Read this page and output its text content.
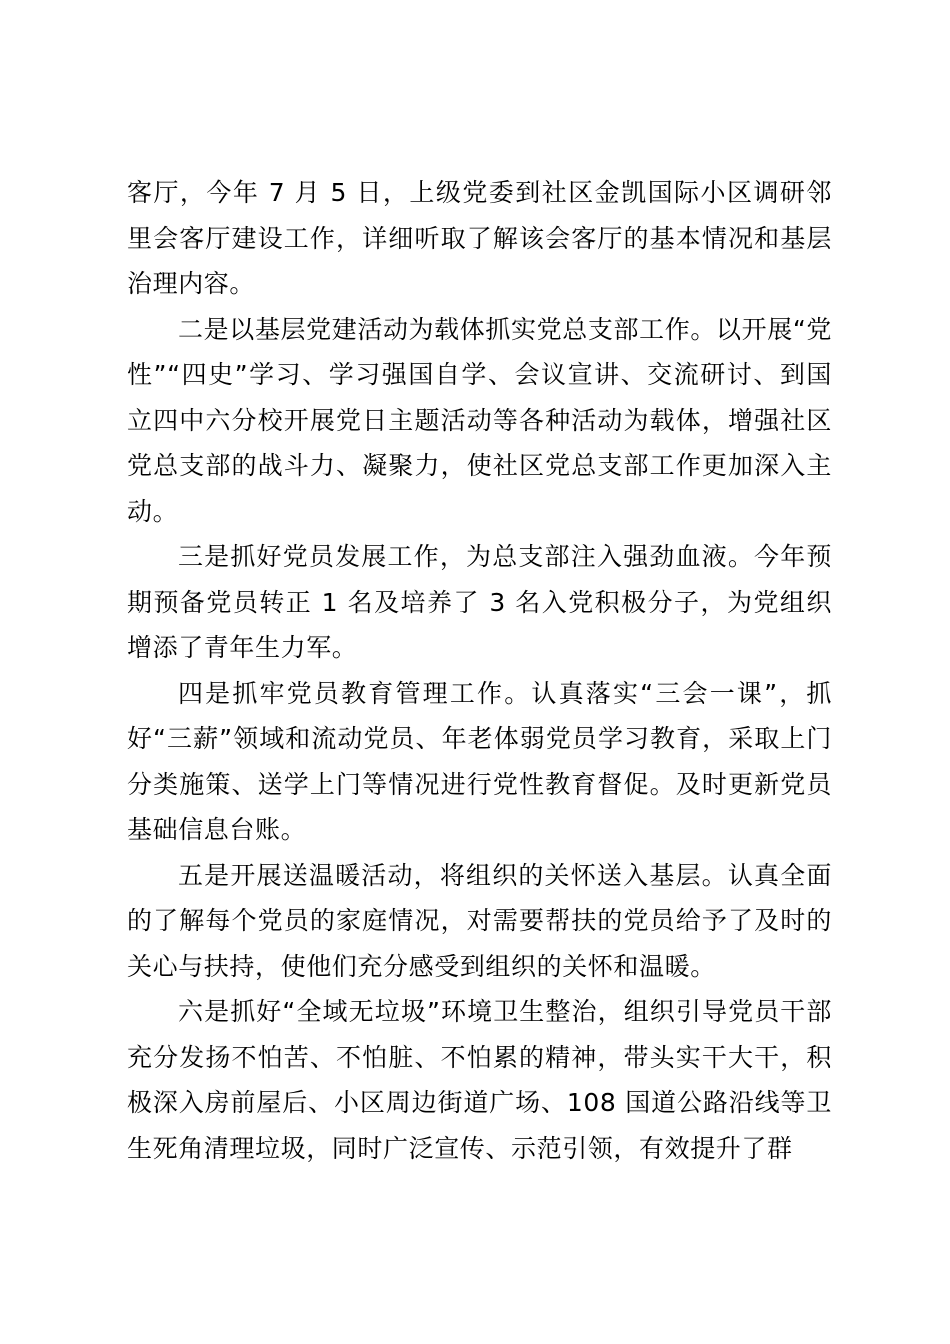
客厅，今年 7 月 5 日，上级党委到社区金凯国际小区调研邻里会客厅建设工作，详细听取了解该会客厅的基本情况和基层治理内容。

二是以基层党建活动为载体抓实党总支部工作。以开展“党性”“四史”学习、学习强国自学、会议宣讲、交流研讨、到国立四中六分校开展党日主题活动等各种活动为载体，增强社区党总支部的战斗力、凝聚力，使社区党总支部工作更加深入主动。

三是抓好党员发展工作，为总支部注入强劲血液。今年预期预备党员转正 1 名及培养了 3 名入党积极分子，为党组织增添了青年生力军。

四是抓牢党员教育管理工作。认真落实“三会一课”，抓好“三薪”领域和流动党员、年老体弱党员学习教育，采取上门分类施策、送学上门等情况进行党性教育督促。及时更新党员基础信息台账。

五是开展送温暖活动，将组织的关怀送入基层。认真全面的了解每个党员的家庭情况，对需要帮扶的党员给予了及时的关心与扶持，使他们充分感受到组织的关怀和温暖。

六是抓好“全域无垃圾”环境卫生整治，组织引导党员干部充分发扬不怕苦、不怕脏、不怕累的精神，带头实干大干，积极深入房前屋后、小区周边街道广场、108 国道公路沿线等卫生死角清理垃圾，同时广泛宣传、示范引领，有效提升了群
